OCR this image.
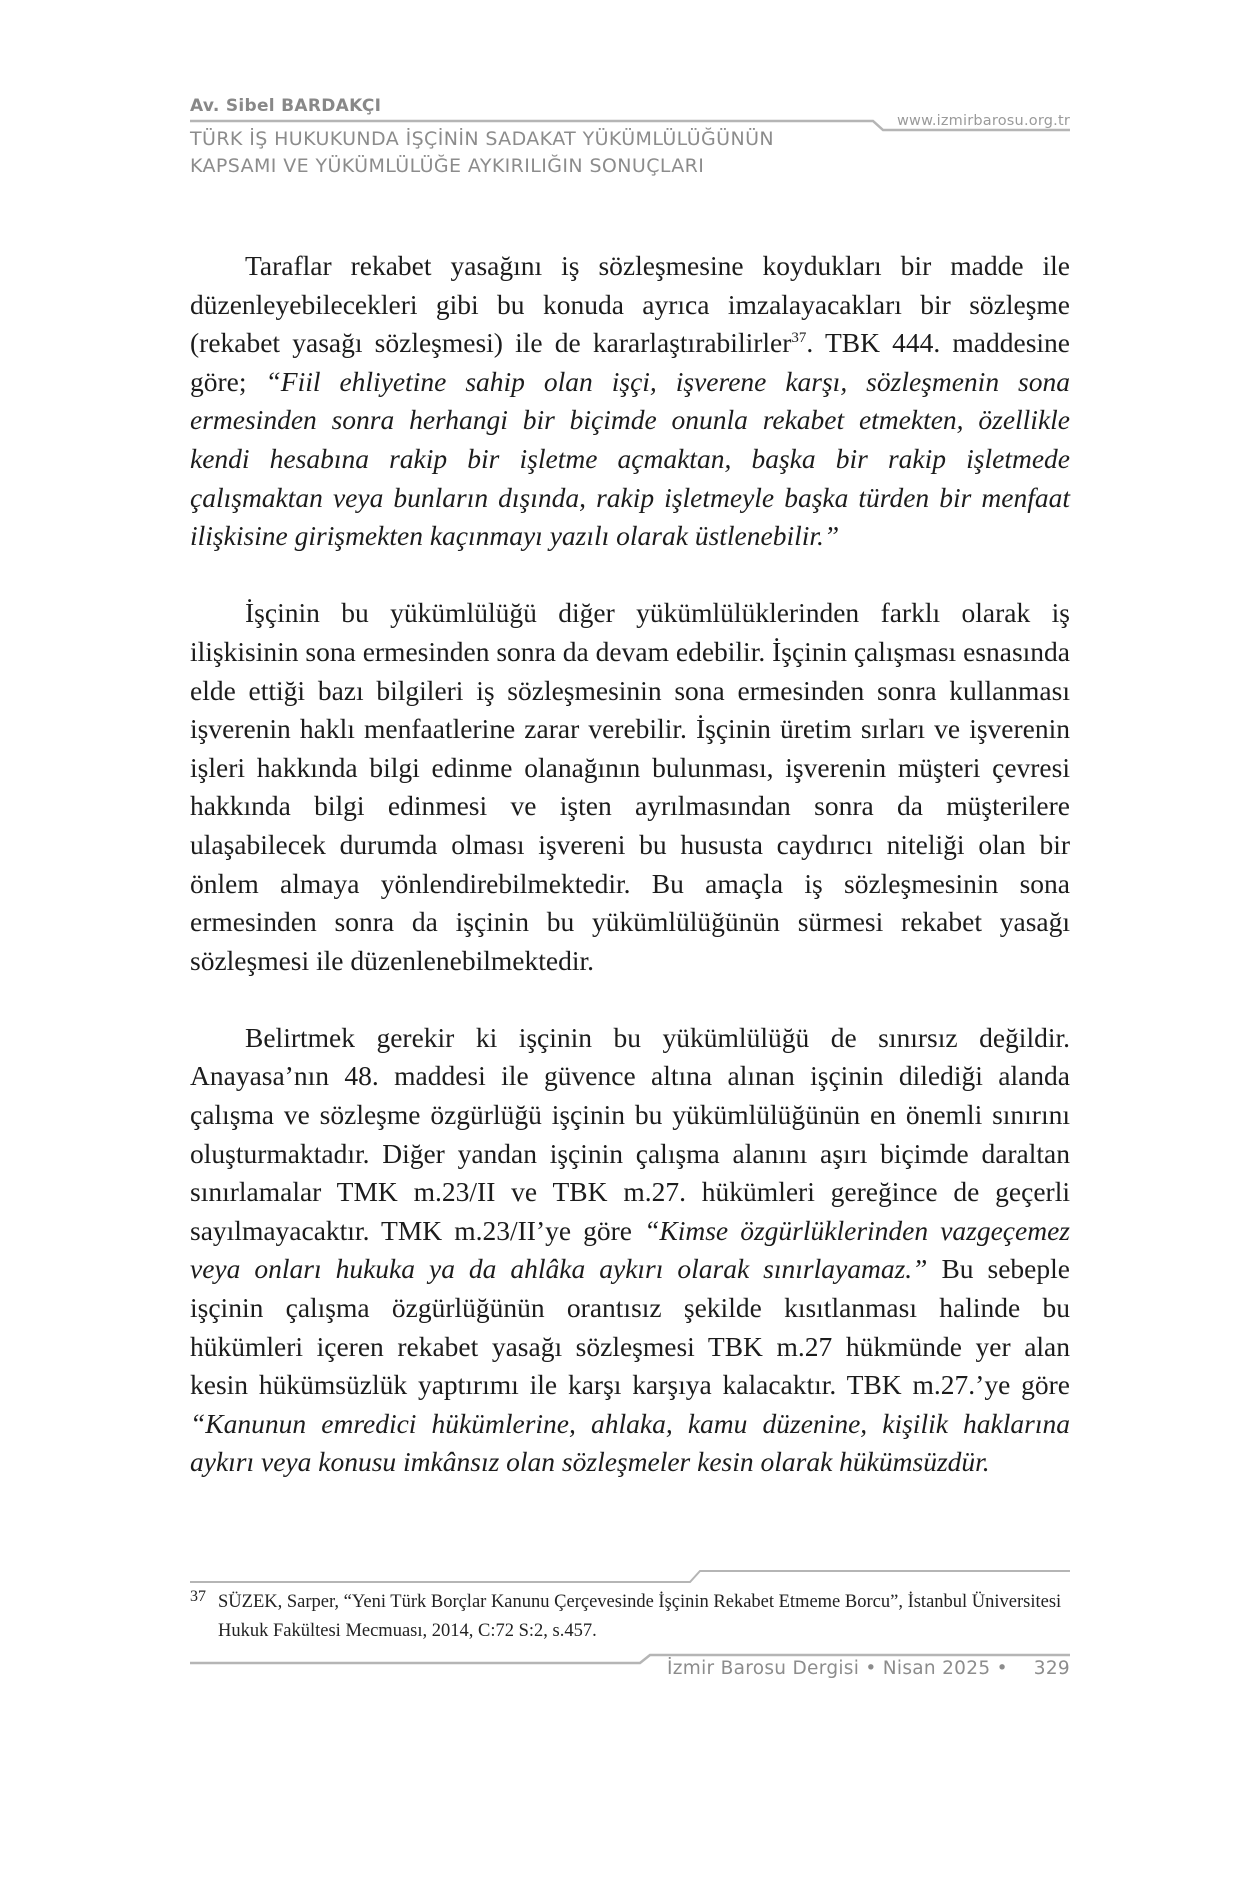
Av. Sibel BARDAKÇI
www.izmirbarosu.org.tr
TÜRK İŞ HUKUKUNDA İŞÇİNİN SADAKAT YÜKÜMLÜLÜĞÜNÜN
KAPSAMI VE YÜKÜMLÜLÜĞE AYKIRILIĞIN SONUÇLARI

Taraflar rekabet yasağını iş sözleşmesine koydukları bir madde ile düzenleyebilecekleri gibi bu konuda ayrıca imzalayacakları bir sözleşme (rekabet yasağı sözleşmesi) ile de kararlaştırabilirler$^{37}$. TBK 444. maddesine göre; “Fiil ehliyetine sahip olan işçi, işverene karşı, sözleşmenin sona ermesinden sonra herhangi bir biçimde onunla rekabet etmekten, özellikle kendi hesabına rakip bir işletme açmaktan, başka bir rakip işletmede çalışmaktan veya bunların dışında, rakip işletmeyle başka türden bir menfaat ilişkisine girişmekten kaçınmayı yazılı olarak üstlenebilir.”

İşçinin bu yükümlülüğü diğer yükümlülüklerinden farklı olarak iş ilişkisinin sona ermesinden sonra da devam edebilir. İşçinin çalışması esnasında elde ettiği bazı bilgileri iş sözleşmesinin sona ermesinden sonra kullanması işverenin haklı menfaatlerine zarar verebilir. İşçinin üretim sırları ve işverenin işleri hakkında bilgi edinme olanağının bulunması, işverenin müşteri çevresi hakkında bilgi edinmesi ve işten ayrılmasından sonra da müşterilere ulaşabilecek durumda olması işvereni bu hususta caydırıcı niteliği olan bir önlem almaya yönlendirebilmektedir. Bu amaçla iş sözleşmesinin sona ermesinden sonra da işçinin bu yükümlülüğünün sürmesi rekabet yasağı sözleşmesi ile düzenlenebilmektedir.

Belirtmek gerekir ki işçinin bu yükümlülüğü de sınırsız değildir. Anayasa’nın 48. maddesi ile güvence altına alınan işçinin dilediği alanda çalışma ve sözleşme özgürlüğü işçinin bu yükümlülüğünün en önemli sınırını oluşturmaktadır. Diğer yandan işçinin çalışma alanını aşırı biçimde daraltan sınırlamalar TMK m.23/II ve TBK m.27. hükümleri gereğince de geçerli sayılmayacaktır. TMK m.23/II’ye göre “Kimse özgürlüklerinden vazgeçemez veya onları hukuka ya da ahlâka aykırı olarak sınırlayamaz.” Bu sebeple işçinin çalışma özgürlüğünün orantısız şekilde kısıtlanması halinde bu hükümleri içeren rekabet yasağı sözleşmesi TBK m.27 hükmünde yer alan kesin hükümsüzlük yaptırımı ile karşı karşıya kalacaktır. TBK m.27.’ye göre “Kanunun emredici hükümlerine, ahlaka, kamu düzenine, kişilik haklarına aykırı veya konusu imkânsız olan sözleşmeler kesin olarak hükümsüzdür.

37 SÜZEK, Sarper, “Yeni Türk Borçlar Kanunu Çerçevesinde İşçinin Rekabet Etmeme Borcu”, İstanbul Üniversitesi Hukuk Fakültesi Mecmuası, 2014, C:72 S:2, s.457.
İzmir Barosu Dergisi • Nisan 2025 • 329
